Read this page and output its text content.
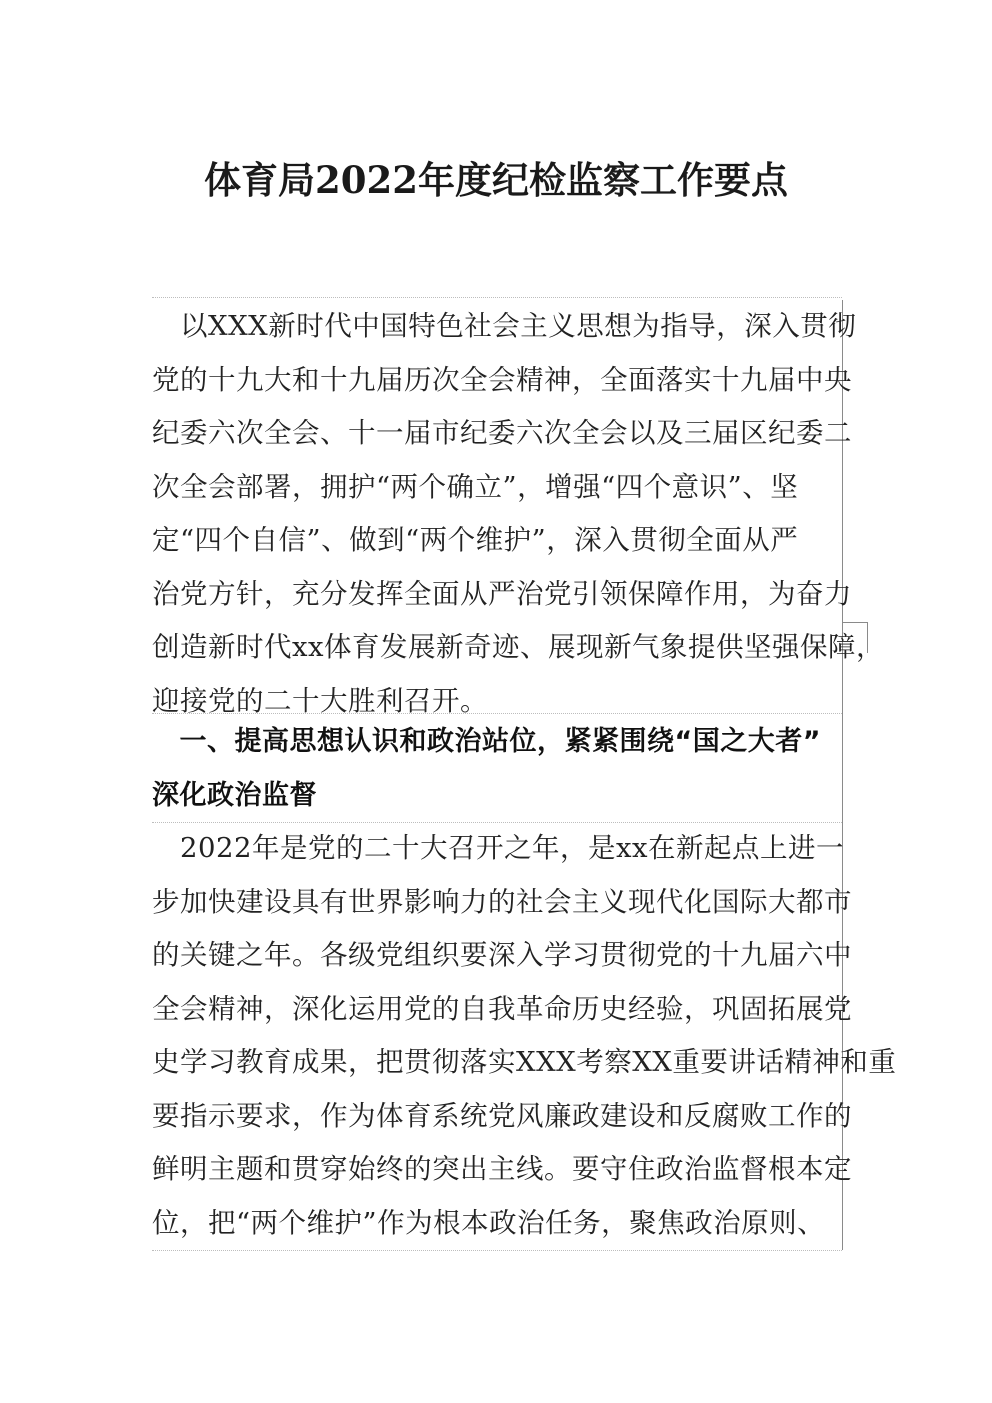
体育局2022年度纪检监察工作要点
　以XXX新时代中国特色社会主义思想为指导，深入贯彻
党的十九大和十九届历次全会精神，全面落实十九届中央
纪委六次全会、十一届市纪委六次全会以及三届区纪委二
次全会部署，拥护“两个确立”，增强“四个意识”、坚
定“四个自信”、做到“两个维护”，深入贯彻全面从严
治党方针，充分发挥全面从严治党引领保障作用，为奋力
创造新时代xx体育发展新奇迹、展现新气象提供坚强保障，
迎接党的二十大胜利召开。
　一、提高思想认识和政治站位，紧紧围绕“国之大者”
深化政治监督
　2022年是党的二十大召开之年，是xx在新起点上进一
步加快建设具有世界影响力的社会主义现代化国际大都市
的关键之年。各级党组织要深入学习贯彻党的十九届六中
全会精神，深化运用党的自我革命历史经验，巩固拓展党
史学习教育成果，把贯彻落实XXX考察XX重要讲话精神和重
要指示要求，作为体育系统党风廉政建设和反腐败工作的
鲜明主题和贯穿始终的突出主线。要守住政治监督根本定
位，把“两个维护”作为根本政治任务，聚焦政治原则、
